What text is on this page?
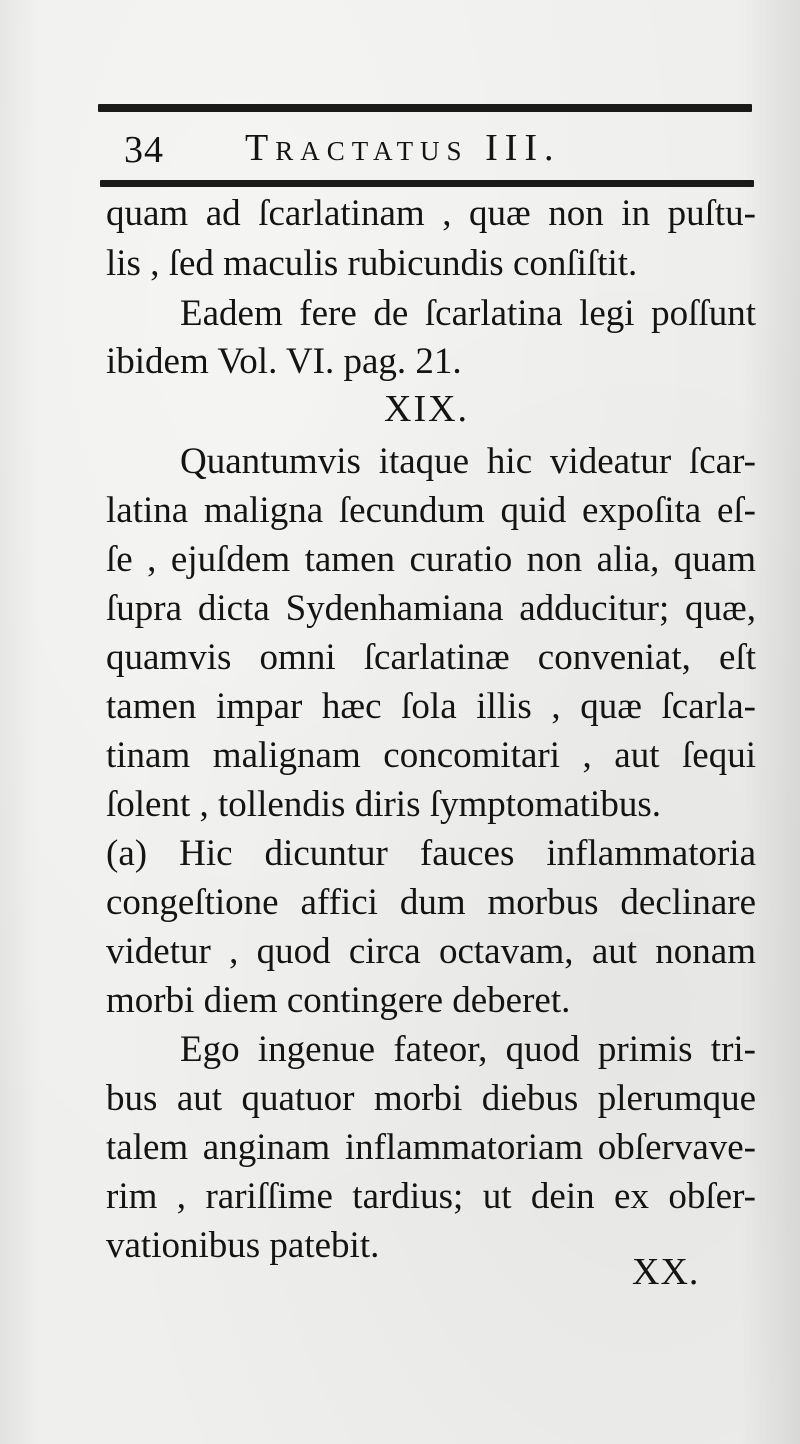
34 Tractatus III.
quam ad ſcarlatinam , quæ non in puſtu-
lis , ſed maculis rubicundis conſiſtit.
Eadem fere de ſcarlatina legi poſſunt
ibidem Vol. VI. pag. 21.
XIX.
Quantumvis itaque hic videatur ſcar-
latina maligna ſecundum quid expoſita eſ-
ſe , ejuſdem tamen curatio non alia, quam
ſupra dicta Sydenhamiana adducitur; quæ,
quamvis omni ſcarlatinæ conveniat, eſt
tamen impar hæc ſola illis , quæ ſcarla-
tinam malignam concomitari , aut ſequi
ſolent , tollendis diris ſymptomatibus.
(a) Hic dicuntur fauces inflammatoria
congeſtione affici dum morbus declinare
videtur , quod circa octavam, aut nonam
morbi diem contingere deberet.
Ego ingenue fateor, quod primis tri-
bus aut quatuor morbi diebus plerumque
talem anginam inflammatoriam obſervave-
rim , rariſſime tardius; ut dein ex obſer-
vationibus patebit.
XX.
